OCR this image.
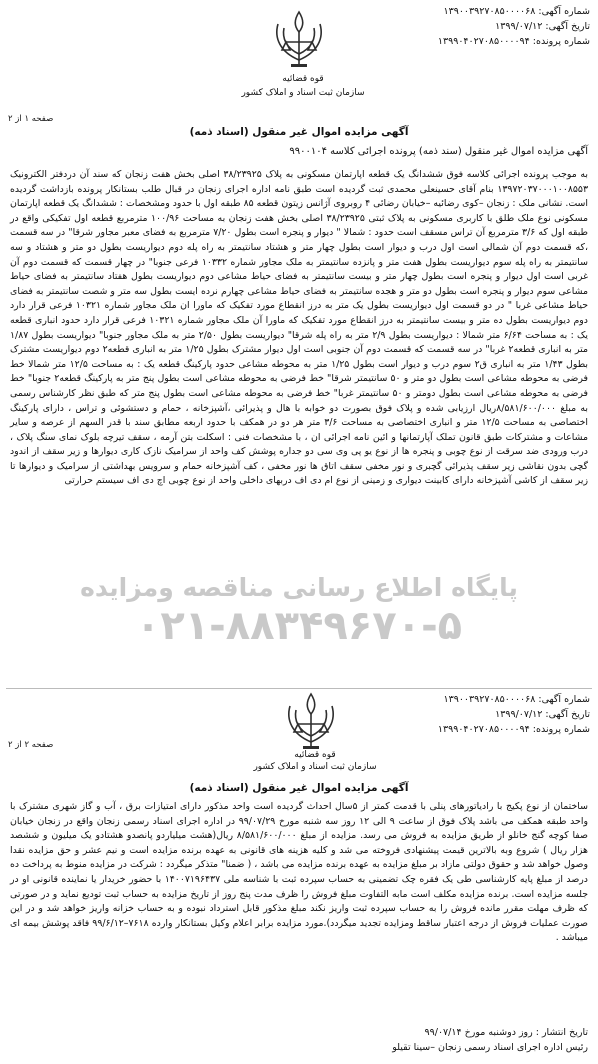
شماره آگهی: ۱۳۹۰۰۳۹۲۷۰۸۵۰۰۰۰۶۸
تاریخ آگهی: ۱۳۹۹/۰۷/۱۲
شماره پرونده: ۱۳۹۹۰۴۰۲۷۰۸۵۰۰۰۰۹۴
صفحه ۱ از ۲
قوه قضائیه
سازمان ثبت اسناد و املاک کشور
آگهی مزایده اموال غیر منقول (اسناد ذمه)
آگهی مزایده اموال غیر منقول (سند ذمه) پرونده اجرائی کلاسه ۹۹۰۰۱۰۴
به موجب پرونده اجرائی کلاسه فوق ششدانگ یک قطعه اپارتمان مسکونی به پلاک ۳۸/۲۳۹۲۵ اصلی بخش هفت زنجان که سند آن دردفتر الکترونیک ۱۳۹۷۲۰۳۷۰۰۰۱۰۰۸۵۵۳ بنام آقای حسینعلی محمدی ثبت گردیده است طبق نامه اداره اجرای زنجان در قبال طلب بستانکار پرونده بازداشت گردیده است. نشانی ملک : زنجان –کوی رضائیه –خیابان رضائی ۴ روبروی آژانس زیتون قطعه ۸۵ طبقه اول با حدود ومشخصات : ششدانگ یک قطعه اپارتمان مسکونی نوع ملک طلق با کاربری مسکونی به پلاک ثبتی ۳۸/۲۳۹۲۵ اصلی بخش هفت زنجان به مساحت ۱۰۰/۹۶ مترمربع قطعه اول تفکیکی واقع در طبقه اول که ۳/۶ مترمربع آن تراس مسقف است حدود : شمالا " دیوار و پنجره است بطول ۷/۲۰ مترمربع به فضای معبر مجاور شرقا" در سه قسمت ،که قسمت دوم آن شمالی است اول درب و دیوار است بطول چهار متر و هشتاد سانتیمتر به راه پله دوم دیواریست بطول دو متر و هشتاد و سه سانتیمتر به راه پله سوم دیواریست بطول هفت متر و پانزده سانتیمتر به ملک مجاور شماره ۱۰۳۳۲ فرعی جنوبا" در چهار قسمت که قسمت دوم آن غربی است اول دیوار و پنجره است بطول چهار متر و بیست سانتیمتر به فضای حیاط مشاعی دوم دیواریست بطول هفتاد سانتیمتر به فضای حیاط مشاعی سوم دیوار و پنجره است بطول دو متر و هجده سانتیمتر به فضای حیاط مشاعی چهارم نرده ایست بطول سه متر و شصت سانتیمتر به فضای حیاط مشاعی غربا " در دو قسمت اول دیواریست بطول یک متر به درز انقطاع مورد تفکیک که ماورا ان ملک مجاور شماره ۱۰۳۲۱ فرعی قرار دارد دوم دیواریست بطول ده متر و بیست سانتیمتر به درز انقطاع مورد تفکیک که ماورا آن ملک مجاور شماره ۱۰۳۲۱ فرعی قرار دارد حدود انباری قطعه یک : به مساحت ۶/۶۴ متر شمالا : دیواریست بطول ۲/۹ متر به راه پله شرقا" دیواریست بطول ۲/۵۰ متر به ملک مجاور جنوبا" دیواریست بطول ۱/۸۷ متر به انباری قطعه۲ غربا" در سه قسمت که قسمت دوم آن جنوبی است اول دیوار مشترک بطول ۱/۲۵ متر به انباری قطعه۲ دوم دیواریست مشترک بطول ۱/۴۳ متر به انباری ق۲ سوم درب و دیوار است بطول ۱/۲۵ متر به محوطه مشاعی حدود پارکینگ قطعه یک : به مساحت ۱۲/۵ متر شمالا خط فرضی به محوطه مشاعی است بطول دو متر و ۵۰ سانتیمتر شرقا" خط فرضی به محوطه مشاعی است بطول پنج متر به پارکینگ قطعه۲ جنوبا" خط فرضی به محوطه مشاعی است بطول دومتر و ۵۰ سانتیمتر غربا" خط فرضی به محوطه مشاعی است بطول پنج متر که طبق نظر کارشناس رسمی به مبلغ ۸/۵۸۱/۶۰۰/۰۰۰ریال ارزیابی شده و پلاک فوق بصورت دو خوابه با هال و پذیرائی ،آشپزخانه ، حمام و دستشوئی و تراس ، دارای پارکینگ اختصاصی به مساحت ۱۲/۵ متر و انباری اختصاصی به مساحت ۳/۶ متر هر دو در همکف با حدود اربعه مطابق سند با قدر السهم از عرصه و سایر مشاعات و مشترکات طبق قانون تملک آپارتمانها و ائین نامه اجرائی ان ، با مشخصات فنی : اسکلت بتن آرمه ، سقف تیرچه بلوک نمای سنگ پلاک ، درب ورودی ضد سرقت از نوع چوبی و پنجره ها از نوع یو پی وی سی دو جداره پوشش کف واحد از سرامیک نازک کاری دیوارها و زیر سقف از اندود گچی بدون نقاشی زیر سقف پذیرائی گچبری و نور مخفی سقف اتاق ها نور مخفی ، کف آشپزخانه حمام و سرویس بهداشتی از سرامیک و دیوارها تا زیر سقف از کاشی آشپزخانه دارای کابینت دیواری و زمینی از نوع ام دی اف دربهای داخلی واحد از نوع چوبی اچ دی اف سیستم حرارتی
پایگاه اطلاع رسانی مناقصه ومزایده
۰۲۱-۸۸۳۴۹۶۷۰-۵
شماره آگهی: ۱۳۹۰۰۳۹۲۷۰۸۵۰۰۰۰۶۸
تاریخ آگهی: ۱۳۹۹/۰۷/۱۲
شماره پرونده: ۱۳۹۹۰۴۰۲۷۰۸۵۰۰۰۰۹۴
صفحه ۲ از ۲
قوه قضائیه
سازمان ثبت اسناد و املاک کشور
آگهی مزایده اموال غیر منقول (اسناد ذمه)
ساختمان از نوع پکیج با رادیاتورهای پنلی با قدمت کمتر از ۵سال احداث گردیده است واحد مذکور دارای امتیازات برق ، آب و گاز شهری مشترک با واحد طبقه همکف می باشد پلاک فوق از ساعت ۹ الی ۱۲ روز سه شنبه مورخ ۹۹/۰۷/۲۹ در اداره اجرای اسناد رسمی زنجان واقع در زنجان خیابان صفا کوچه گنج خانلو از طریق مزایده به فروش می رسد. مزایده از مبلغ ۸/۵۸۱/۶۰۰/۰۰۰ ریال(هشت میلیاردو پانصدو هشتادو یک میلیون و ششصد هزار ریال ) شروع وبه بالاترین قیمت پیشنهادی فروخته می شد و کلیه هزینه های قانونی به عهده برنده مزایده است و نیم عشر و حق مزایده نقدا وصول خواهد شد و حقوق دولتی مازاد بر مبلغ مزایده به عهده برنده مزایده می باشد ، ( ضمنا" متذکر میگردد : شرکت در مزایده منوط به پرداخت ده درصد از مبلغ پایه کارشناسی طی یک فقره چک تضمینی به حساب سپرده ثبت با شناسه ملی ۱۴۰۰۷۱۹۶۴۳۷ با حضور خریدار یا نماینده قانونی او در جلسه مزایده است. برنده مزایده مکلف است مابه التفاوت مبلغ فروش را ظرف مدت پنج روز از تاریخ مزایده به حساب ثبت تودیع نماید و در صورتی که ظرف مهلت مقرر مانده فروش را به حساب سپرده ثبت واریز نکند مبلغ مذکور قابل استرداد نبوده و به حساب خزانه واریز خواهد شد و در این صورت عملیات فروش از درجه اعتبار ساقط ومزایده تجدید میگردد).مورد مزایده برابر اعلام وکیل بستانکار وارده ۷۶۱۸–۹۹/۶/۱۲ فاقد پوشش بیمه ای میباشد .
تاریخ انتشار : روز دوشنبه مورخ ۹۹/۰۷/۱۴
رئیس اداره اجرای اسناد رسمی زنجان –سینا تقیلو
